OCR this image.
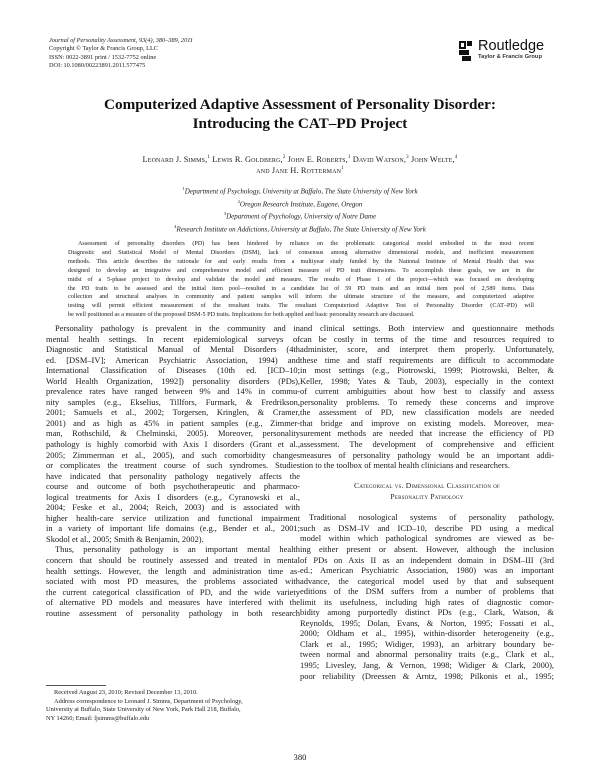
Journal of Personality Assessment, 93(4), 380–389, 2011
Copyright © Taylor & Francis Group, LLC
ISSN: 0022-3891 print / 1532-7752 online
DOI: 10.1080/00223891.2011.577475
Routledge
Taylor & Francis Group
Computerized Adaptive Assessment of Personality Disorder:
Introducing the CAT–PD Project
Leonard J. Simms,$^1$ Lewis R. Goldberg,$^2$ John E. Roberts,$^1$ David Watson,$^3$ John Welte,$^4$
and Jane H. Rotterman$^1$
$^1$Department of Psychology, University at Buffalo, The State University of New York
$^2$Oregon Research Institute, Eugene, Oregon
$^3$Department of Psychology, University of Notre Dame
$^4$Research Institute on Addictions, University at Buffalo, The State University of New York
Assessment of personality disorders (PD) has been hindered by reliance on the problematic categorical model embodied in the most recent
Diagnostic and Statistical Model of Mental Disorders (DSM), lack of consensus among alternative dimensional models, and inefficient measurement
methods. This article describes the rationale for and early results from a multiyear study funded by the National Institute of Mental Health that was
designed to develop an integrative and comprehensive model and efficient measure of PD trait dimensions. To accomplish these goals, we are in the
midst of a 5-phase project to develop and validate the model and measure. The results of Phase 1 of the project—which was focused on developing
the PD traits to be assessed and the initial item pool—resulted in a candidate list of 59 PD traits and an initial item pool of 2,589 items. Data
collection and structural analyses in community and patient samples will inform the ultimate structure of the measure, and computerized adaptive
testing will permit efficient measurement of the resultant traits. The resultant Computerized Adaptive Test of Personality Disorder (CAT–PD) will
be well positioned as a measure of the proposed DSM-5 PD traits. Implications for both applied and basic personality research are discussed.
Personality pathology is prevalent in the community and in
mental health settings. In recent epidemiological surveys of
Diagnostic and Statistical Manual of Mental Disorders (4th
ed. [DSM–IV]; American Psychiatric Association, 1994) and
International Classification of Diseases (10th ed. [ICD–10;
World Health Organization, 1992]) personality disorders (PDs),
prevalence rates have ranged between 9% and 14% in commu-
nity samples (e.g., Ekselius, Tillfors, Furmark, & Fredrikson,
2001; Samuels et al., 2002; Torgersen, Kringlen, & Cramer,
2001) and as high as 45% in patient samples (e.g., Zimmer-
man, Rothschild, & Chelminski, 2005). Moreover, personality
pathology is highly comorbid with Axis I disorders (Grant et al.,
2005; Zimmerman et al., 2005), and such comorbidity changes
or complicates the treatment course of such syndromes. Studies
have indicated that personality pathology negatively affects the
course and outcome of both psychotherapeutic and pharmaco-
logical treatments for Axis I disorders (e.g., Cyranowski et al.,
2004; Feske et al., 2004; Reich, 2003) and is associated with
higher health-care service utilization and functional impairment
in a variety of important life domains (e.g., Bender et al., 2001;
Skodol et al., 2005; Smith & Benjamin, 2002).
Thus, personality pathology is an important mental health
concern that should be routinely assessed and treated in mental
health settings. However, the length and administration time as-
sociated with most PD measures, the problems associated with
the current categorical classification of PD, and the wide variety
of alternative PD models and measures have interfered with the
routine assessment of personality pathology in both research
and clinical settings. Both interview and questionnaire methods
can be costly in terms of the time and resources required to
administer, score, and interpret them properly. Unfortunately,
these time and staff requirements are difficult to accommodate
in most settings (e.g., Piotrowski, 1999; Piotrowski, Belter, &
Keller, 1998; Yates & Taub, 2003), especially in the context
of current ambiguities about how best to classify and assess
personality problems. To remedy these concerns and improve
the assessment of PD, new classification models are needed
that bridge and improve on existing models. Moreover, mea-
surement methods are needed that increase the efficiency of PD
assessment. The development of comprehensive and efficient
measures of personality pathology would be an important addi-
tion to the toolbox of mental health clinicians and researchers.
Categorical vs. Dimensional Classification of
Personality Pathology
Traditional nosological systems of personality pathology,
such as DSM–IV and ICD–10, describe PD using a medical
model within which pathological syndromes are viewed as be-
ing either present or absent. However, although the inclusion
of PDs on Axis II as an independent domain in DSM–III (3rd
ed.; American Psychiatric Association, 1980) was an important
advance, the categorical model used by that and subsequent
editions of the DSM suffers from a number of problems that
limit its usefulness, including high rates of diagnostic comor-
bidity among purportedly distinct PDs (e.g., Clark, Watson, &
Reynolds, 1995; Dolan, Evans, & Norton, 1995; Fossati et al.,
2000; Oldham et al., 1995), within-disorder heterogeneity (e.g.,
Clark et al., 1995; Widiger, 1993), an arbitrary boundary be-
tween normal and abnormal personality traits (e.g., Clark et al.,
1995; Livesley, Jang, & Vernon, 1998; Widiger & Clark, 2000),
poor reliability (Dreessen & Arntz, 1998; Pilkonis et al., 1995;
Received August 23, 2010; Revised December 13, 2010.
Address correspondence to Leonard J. Simms, Department of Psychology,
University at Buffalo, State University of New York, Park Hall 218, Buffalo,
NY 14260; Email: ljsimms@buffalo.edu
380
